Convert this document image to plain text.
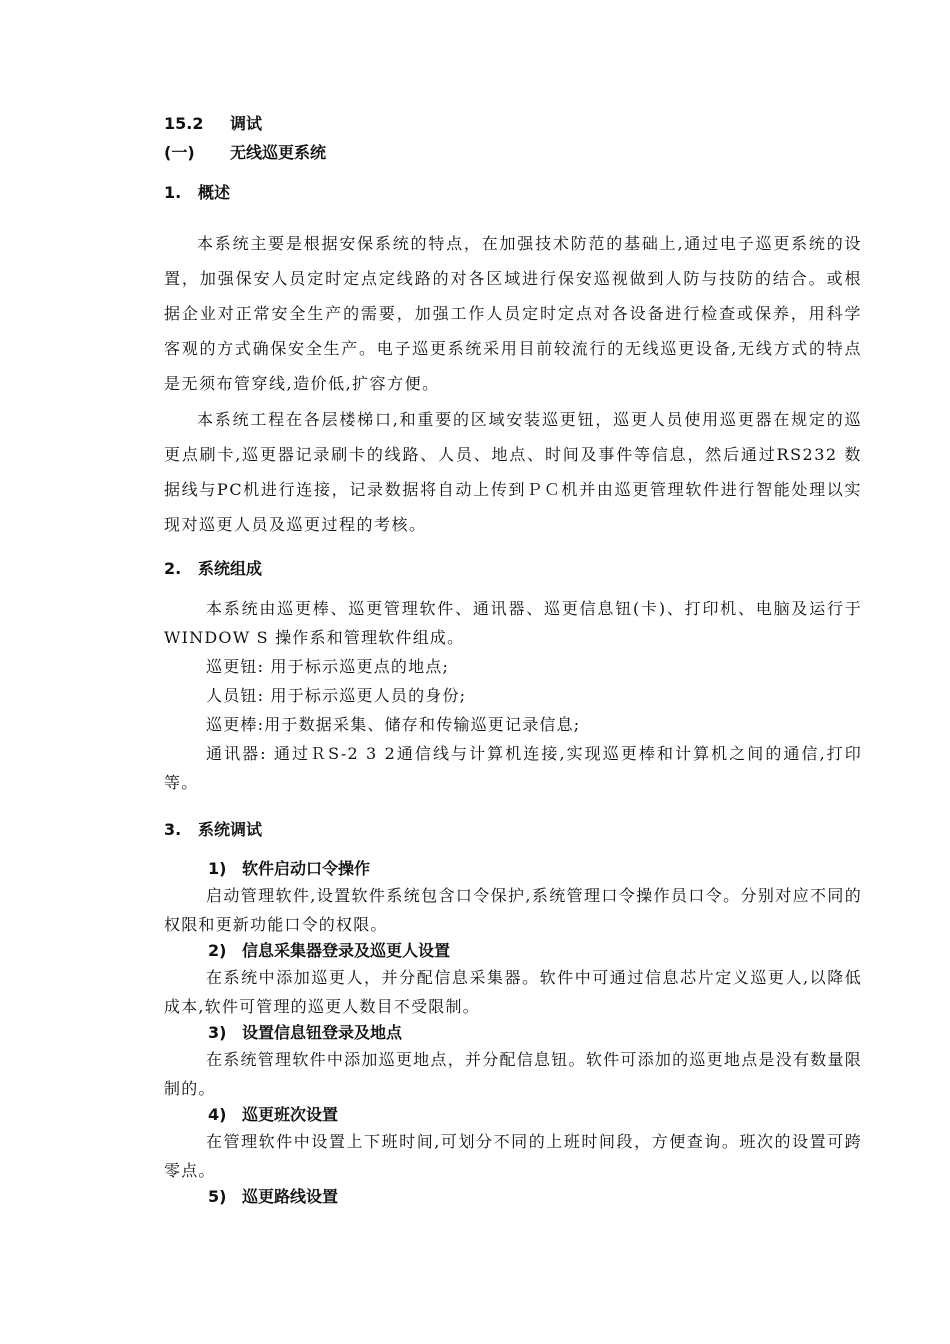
15.2 调试
(一) 无线巡更系统
1. 概述

本系统主要是根据安保系统的特点，在加强技术防范的基础上,通过电子巡更系统的设置，加强保安人员定时定点定线路的对各区域进行保安巡视做到人防与技防的结合。或根据企业对正常安全生产的需要，加强工作人员定时定点对各设备进行检查或保养，用科学客观的方式确保安全生产。电子巡更系统采用目前较流行的无线巡更设备,无线方式的特点是无须布管穿线,造价低,扩容方便。

本系统工程在各层楼梯口,和重要的区域安装巡更钮，巡更人员使用巡更器在规定的巡更点刷卡,巡更器记录刷卡的线路、人员、地点、时间及事件等信息，然后通过RS232 数据线与PC机进行连接，记录数据将自动上传到ＰＣ机并由巡更管理软件进行智能处理以实现对巡更人员及巡更过程的考核。

2. 系统组成

本系统由巡更棒、巡更管理软件、通讯器、巡更信息钮(卡)、打印机、电脑及运行于WINDOW S 操作系和管理软件组成。

巡更钮: 用于标示巡更点的地点;

人员钮: 用于标示巡更人员的身份;

巡更棒:用于数据采集、储存和传输巡更记录信息;

通讯器: 通过ＲS-2 3 2通信线与计算机连接,实现巡更棒和计算机之间的通信,打印等。

3. 系统调试
1) 软件启动口令操作

启动管理软件,设置软件系统包含口令保护,系统管理口令操作员口令。分别对应不同的权限和更新功能口令的权限。

2) 信息采集器登录及巡更人设置

在系统中添加巡更人，并分配信息采集器。软件中可通过信息芯片定义巡更人,以降低成本,软件可管理的巡更人数目不受限制。

3) 设置信息钮登录及地点

在系统管理软件中添加巡更地点，并分配信息钮。软件可添加的巡更地点是没有数量限制的。

4) 巡更班次设置

在管理软件中设置上下班时间,可划分不同的上班时间段，方便查询。班次的设置可跨零点。

5) 巡更路线设置
